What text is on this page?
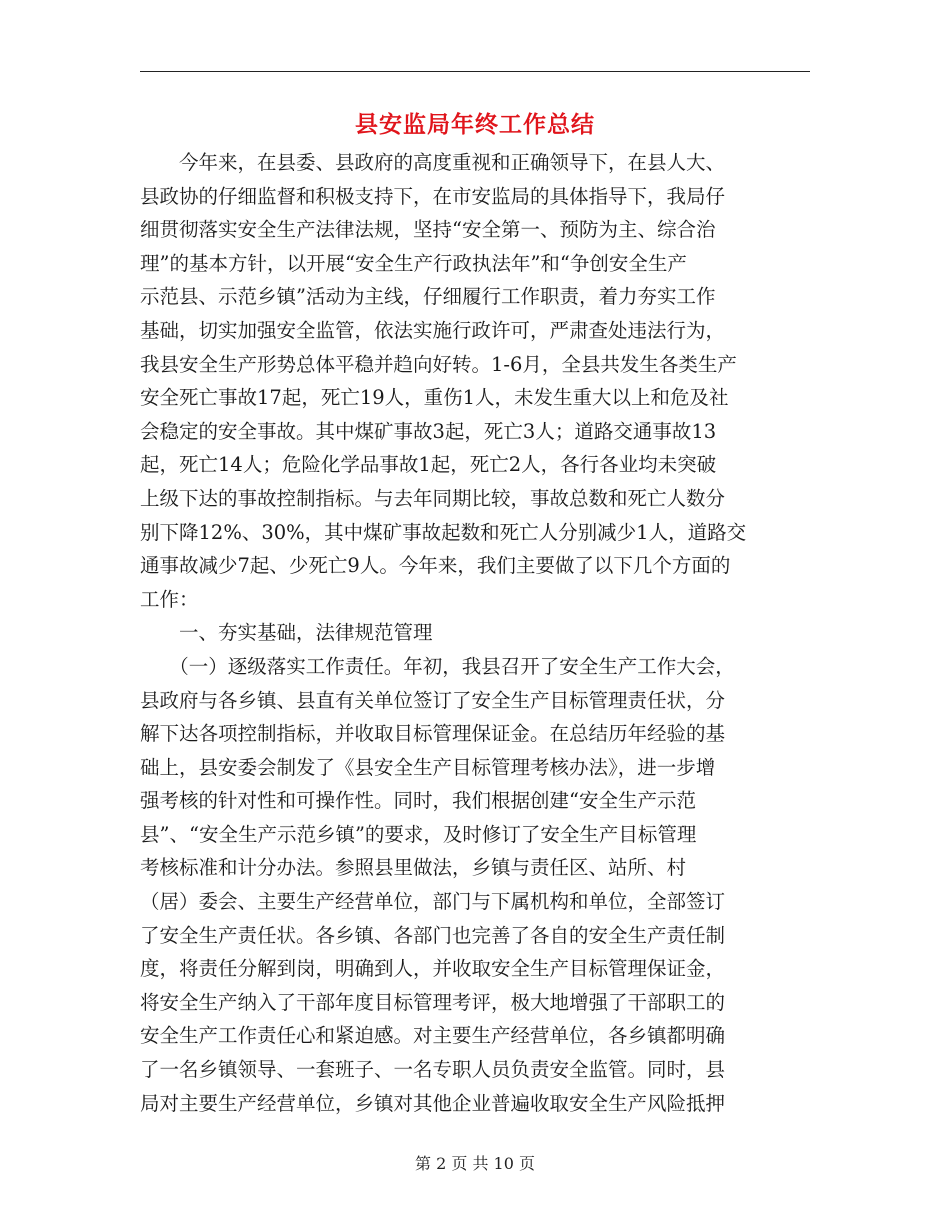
县安监局年终工作总结
　　今年来，在县委、县政府的高度重视和正确领导下，在县人大、
县政协的仔细监督和积极支持下，在市安监局的具体指导下，我局仔
细贯彻落实安全生产法律法规，坚持“安全第一、预防为主、综合治
理”的基本方针，以开展“安全生产行政执法年”和“争创安全生产
示范县、示范乡镇”活动为主线，仔细履行工作职责，着力夯实工作
基础，切实加强安全监管，依法实施行政许可，严肃查处违法行为，
我县安全生产形势总体平稳并趋向好转。1-6月，全县共发生各类生产
安全死亡事故17起，死亡19人，重伤1人，未发生重大以上和危及社
会稳定的安全事故。其中煤矿事故3起，死亡3人；道路交通事故13
起，死亡14人；危险化学品事故1起，死亡2人，各行各业均未突破
上级下达的事故控制指标。与去年同期比较，事故总数和死亡人数分
别下降12%、30%，其中煤矿事故起数和死亡人分别减少1人，道路交
通事故减少7起、少死亡9人。今年来，我们主要做了以下几个方面的
工作：
　　一、夯实基础，法律规范管理
　　（一）逐级落实工作责任。年初，我县召开了安全生产工作大会，
县政府与各乡镇、县直有关单位签订了安全生产目标管理责任状，分
解下达各项控制指标，并收取目标管理保证金。在总结历年经验的基
础上，县安委会制发了《县安全生产目标管理考核办法》，进一步增
强考核的针对性和可操作性。同时，我们根据创建“安全生产示范
县”、“安全生产示范乡镇”的要求，及时修订了安全生产目标管理
考核标准和计分办法。参照县里做法，乡镇与责任区、站所、村
（居）委会、主要生产经营单位，部门与下属机构和单位，全部签订
了安全生产责任状。各乡镇、各部门也完善了各自的安全生产责任制
度，将责任分解到岗，明确到人，并收取安全生产目标管理保证金，
将安全生产纳入了干部年度目标管理考评，极大地增强了干部职工的
安全生产工作责任心和紧迫感。对主要生产经营单位，各乡镇都明确
了一名乡镇领导、一套班子、一名专职人员负责安全监管。同时，县
局对主要生产经营单位，乡镇对其他企业普遍收取安全生产风险抵押
第 2 页 共 10 页
